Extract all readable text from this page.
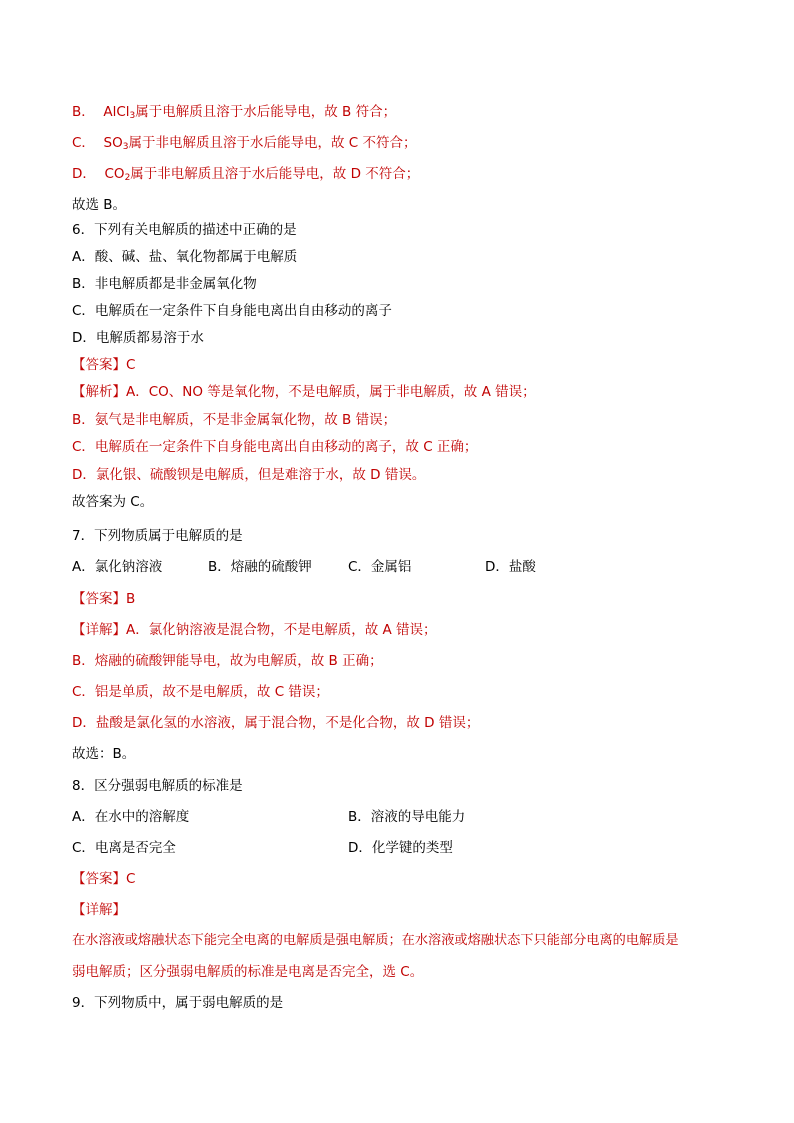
B． AlCl$_3$属于电解质且溶于水后能导电，故 B 符合；
C． $SO_3$属于非电解质且溶于水后能导电，故 C 不符合；
D． $CO_2$属于非电解质且溶于水后能导电，故 D 不符合；
故选 B。
6．下列有关电解质的描述中正确的是
A．酸、碱、盐、氧化物都属于电解质
B．非电解质都是非金属氧化物
C．电解质在一定条件下自身能电离出自由移动的离子
D．电解质都易溶于水
【答案】C
【解析】A．CO、NO 等是氧化物，不是电解质，属于非电解质，故 A 错误；
B．氨气是非电解质，不是非金属氧化物，故 B 错误；
C．电解质在一定条件下自身能电离出自由移动的离子，故 C 正确；
D．氯化银、硫酸钡是电解质，但是难溶于水，故 D 错误。
故答案为 C。
7．下列物质属于电解质的是
A．氯化钠溶液	B．熔融的硫酸钾	C．金属铝	D．盐酸
【答案】B
【详解】A．氯化钠溶液是混合物，不是电解质，故 A 错误；
B．熔融的硫酸钾能导电，故为电解质，故 B 正确；
C．铝是单质，故不是电解质，故 C 错误；
D．盐酸是氯化氢的水溶液，属于混合物，不是化合物，故 D 错误；
故选：B。
8．区分强弱电解质的标准是
A．在水中的溶解度	B．溶液的导电能力
C．电离是否完全	D．化学键的类型
【答案】C
【详解】
在水溶液或熔融状态下能完全电离的电解质是强电解质；在水溶液或熔融状态下只能部分电离的电解质是
弱电解质；区分强弱电解质的标准是电离是否完全，选 C。
9．下列物质中，属于弱电解质的是
